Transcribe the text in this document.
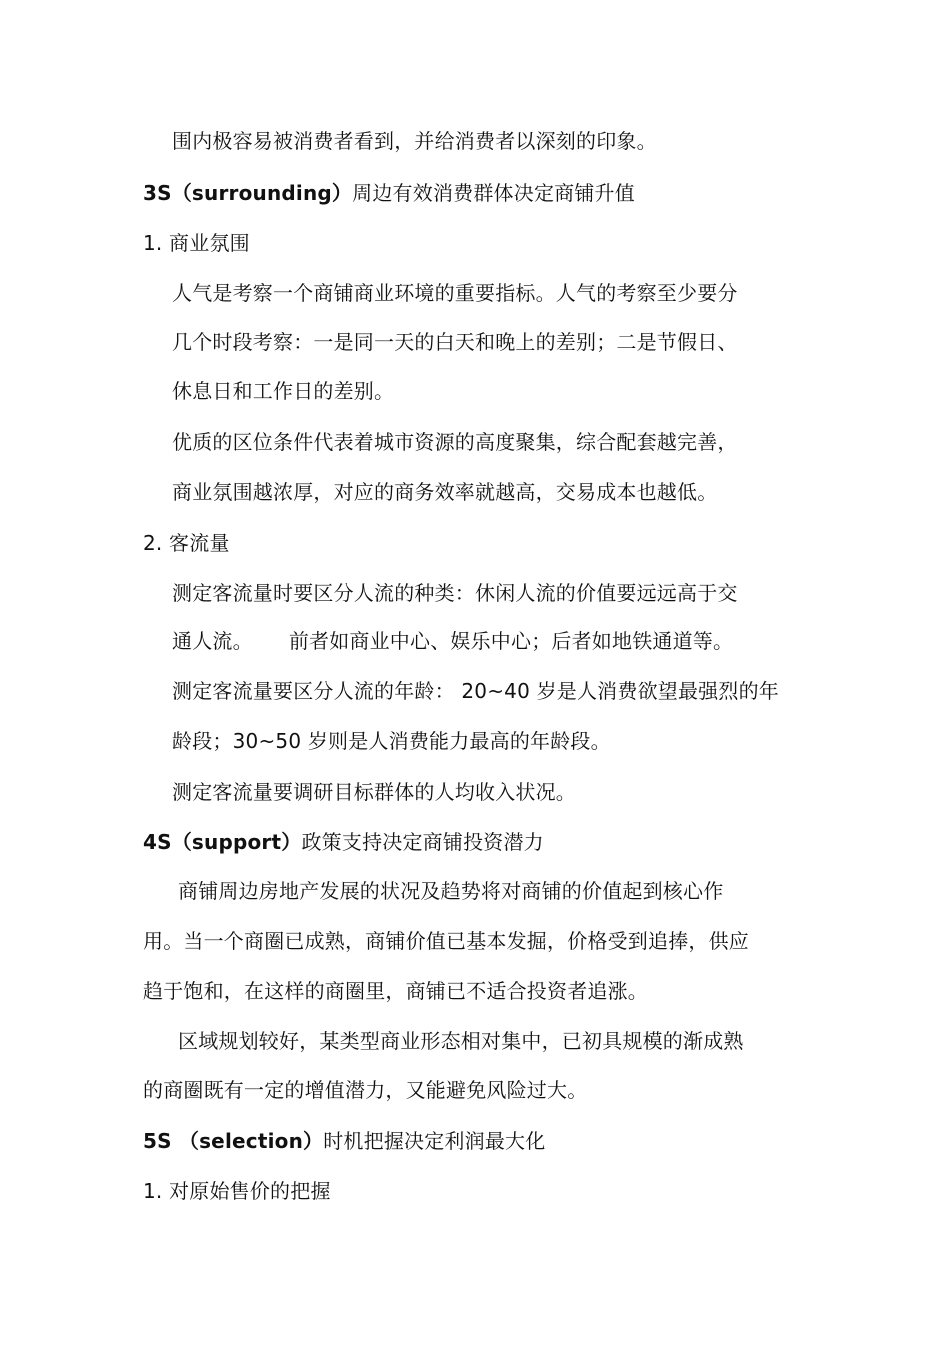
围内极容易被消费者看到，并给消费者以深刻的印象。
3S（surrounding）周边有效消费群体决定商铺升值
1. 商业氛围
人气是考察一个商铺商业环境的重要指标。人气的考察至少要分
几个时段考察：一是同一天的白天和晚上的差别；二是节假日、
休息日和工作日的差别。
优质的区位条件代表着城市资源的高度聚集，综合配套越完善，
商业氛围越浓厚，对应的商务效率就越高，交易成本也越低。
2. 客流量
测定客流量时要区分人流的种类：休闲人流的价值要远远高于交
通人流。 前者如商业中心、娱乐中心；后者如地铁通道等。
测定客流量要区分人流的年龄： 20~40 岁是人消费欲望最强烈的年
龄段；30~50 岁则是人消费能力最高的年龄段。
测定客流量要调研目标群体的人均收入状况。
4S（support）政策支持决定商铺投资潜力
商铺周边房地产发展的状况及趋势将对商铺的价值起到核心作
用。当一个商圈已成熟，商铺价值已基本发掘，价格受到追捧，供应
趋于饱和，在这样的商圈里，商铺已不适合投资者追涨。
区域规划较好，某类型商业形态相对集中，已初具规模的渐成熟
的商圈既有一定的增值潜力，又能避免风险过大。
5S （selection）时机把握决定利润最大化
1. 对原始售价的把握
